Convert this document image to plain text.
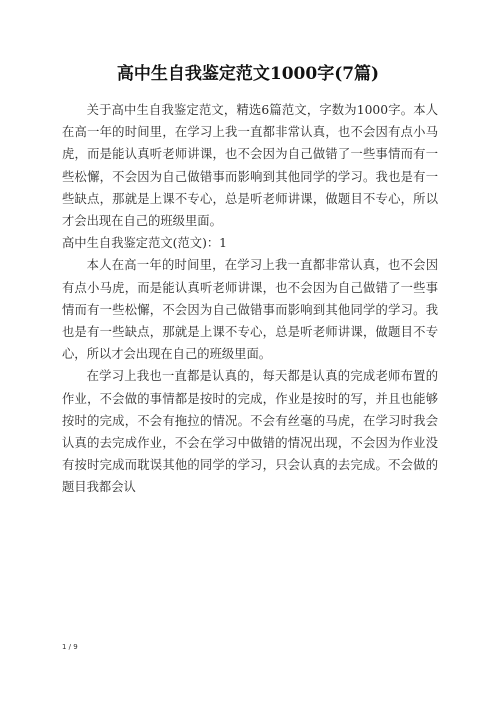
高中生自我鉴定范文1000字(7篇)

关于高中生自我鉴定范文，精选6篇范文，字数为1000字。本人在高一年的时间里，在学习上我一直都非常认真，也不会因有点小马虎，而是能认真听老师讲课，也不会因为自己做错了一些事情而有一些松懈，不会因为自己做错事而影响到其他同学的学习。我也是有一些缺点，那就是上课不专心，总是听老师讲课，做题目不专心，所以才会出现在自己的班级里面。

高中生自我鉴定范文(范文)：1

本人在高一年的时间里，在学习上我一直都非常认真，也不会因有点小马虎，而是能认真听老师讲课，也不会因为自己做错了一些事情而有一些松懈，不会因为自己做错事而影响到其他同学的学习。我也是有一些缺点，那就是上课不专心，总是听老师讲课，做题目不专心，所以才会出现在自己的班级里面。

在学习上我也一直都是认真的，每天都是认真的完成老师布置的作业，不会做的事情都是按时的完成，作业是按时的写，并且也能够按时的完成，不会有拖拉的情况。不会有丝毫的马虎，在学习时我会认真的去完成作业，不会在学习中做错的情况出现，不会因为作业没有按时完成而耽误其他的同学的学习，只会认真的去完成。不会做的题目我都会认

1 / 9
